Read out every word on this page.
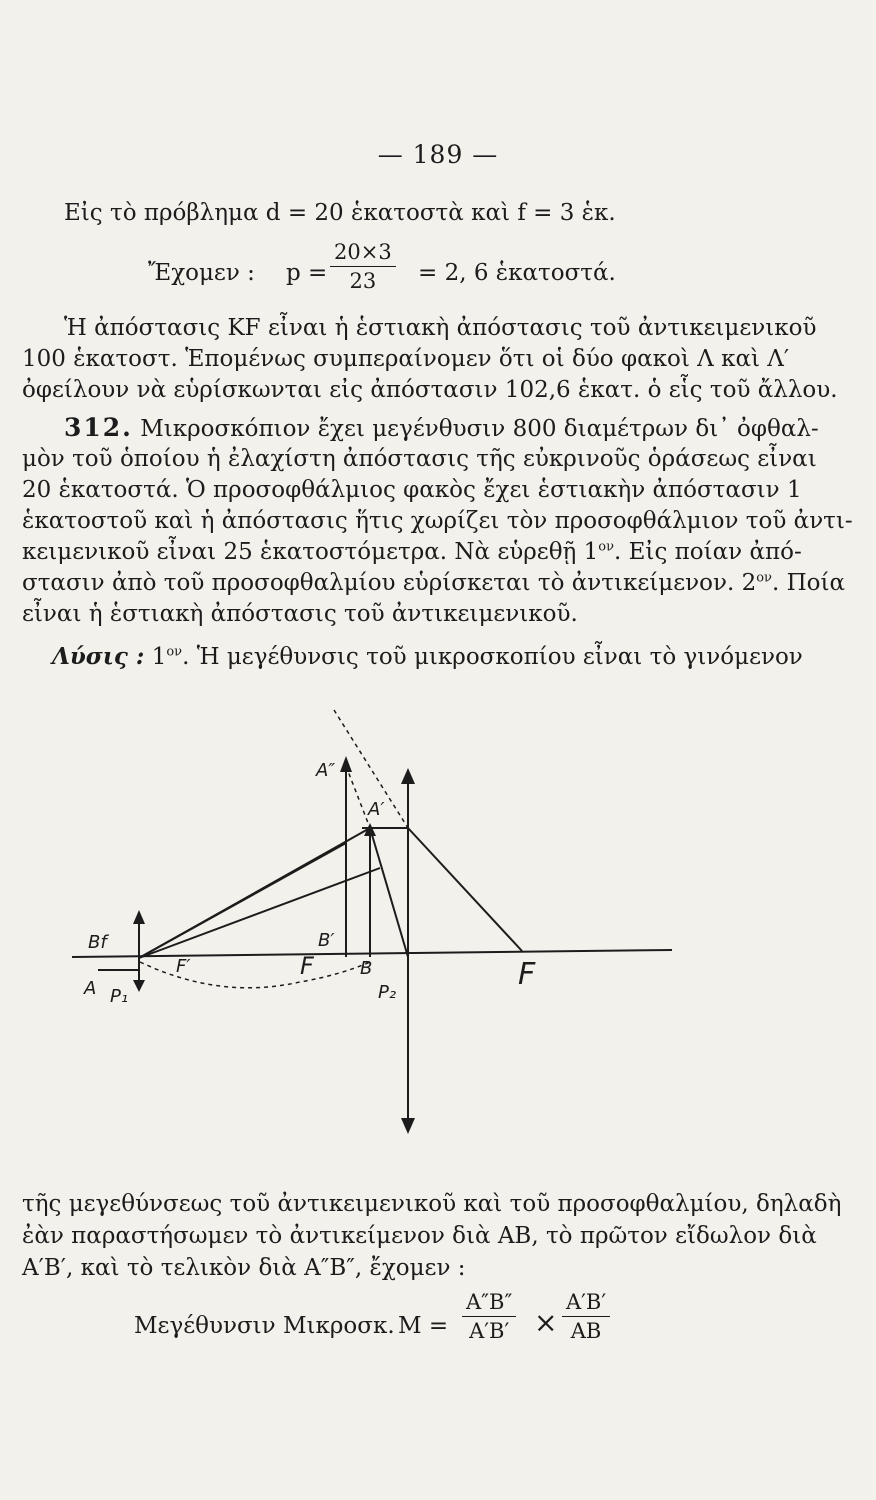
— 189 —
Εἰς τὸ πρόβλημα d = 20 ἑκατοστὰ καὶ f = 3 ἑκ.
Ἔχομεν : $p = \frac{20\times 3}{23} = 2$, 6 ἑκατοστά.
Ἡ ἀπόστασις KF εἶναι ἡ ἑστιακὴ ἀπόστασις τοῦ ἀντικειμενικοῦ
100 ἑκατοστ. Ἑπομένως συμπεραίνομεν ὅτι οἱ δύο φακοὶ Λ καὶ Λ′
ὀφείλουν νὰ εὑρίσκωνται εἰς ἀπόστασιν 102,6 ἑκατ. ὁ εἷς τοῦ ἄλλου.
312. Μικροσκόπιον ἔχει μεγένθυσιν 800 διαμέτρων δι᾽ ὀφθαλ-
μὸν τοῦ ὁποίου ἡ ἐλαχίστη ἀπόστασις τῆς εὐκρινοῦς ὁράσεως εἶναι
20 ἑκατοστά. Ὁ προσοφθάλμιος φακὸς ἔχει ἑστιακὴν ἀπόστασιν 1
ἑκατοστοῦ καὶ ἡ ἀπόστασις ἥτις χωρίζει τὸν προσοφθάλμιον τοῦ ἀντι-
κειμενικοῦ εἶναι 25 ἑκατοστόμετρα. Νὰ εὑρεθῇ $1^{o\nu}$. Εἰς ποίαν ἀπό-
στασιν ἀπὸ τοῦ προσοφθαλμίου εὑρίσκεται τὸ ἀντικείμενον. $2^{o\nu}$. Ποία
εἶναι ἡ ἑστιακὴ ἀπόστασις τοῦ ἀντικειμενικοῦ.
Λύσις : $1^{o\nu}$. Ἡ μεγέθυνσις τοῦ μικροσκοπίου εἶναι τὸ γινόμενον
A″
A′
B′
Bf
A P₁
F′	F	B
P₂
F
τῆς μεγεθύνσεως τοῦ ἀντικειμενικοῦ καὶ τοῦ προσοφθαλμίου, δηλαδὴ
ἐὰν παραστήσωμεν τὸ ἀντικείμενον διὰ AB, τὸ πρῶτον εἴδωλον διὰ
A′B′, καὶ τὸ τελικὸν διὰ A″B″, ἔχομεν :
Μεγέθυνσιν Μικροσκ. $M = \frac{A''B''}{A'B'} \times \frac{A'B'}{AB}$
